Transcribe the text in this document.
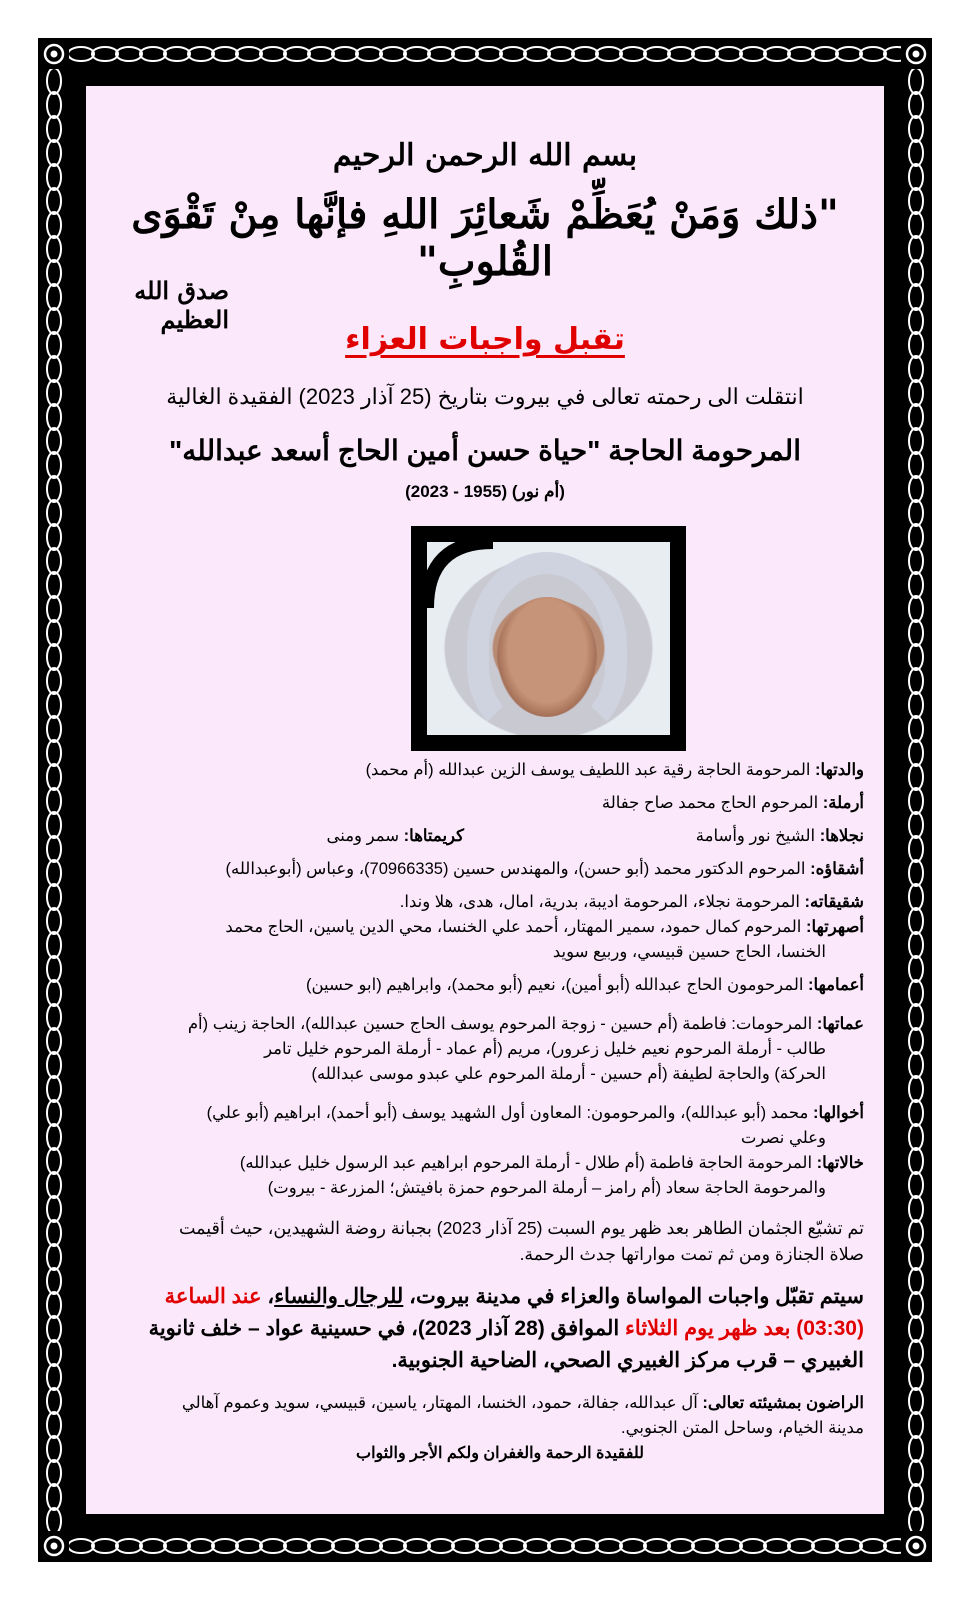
بسم الله الرحمن الرحيم
"ذلك وَمَنْ يُعَظِّمْ شَعائِرَ اللهِ فإنَّها مِنْ تَقْوَى القُلوبِ"
صدق الله العظيم
تقبل واجبات العزاء
انتقلت الى رحمته تعالى في بيروت بتاريخ (25 آذار 2023) الفقيدة الغالية
المرحومة الحاجة "حياة حسن أمين الحاج أسعد عبدالله"
(أم نور) (1955 - 2023)

والدتها: المرحومة الحاجة رقية عبد اللطيف يوسف الزين عبدالله (أم محمد)

أرملة: المرحوم الحاج محمد صاح جفالة

نجلاها: الشيخ نور وأسامة
كريمتاها: سمر ومنى

أشقاؤه: المرحوم الدكتور محمد (أبو حسن)، والمهندس حسين (70966335)، وعباس (أبوعبدالله)

شقيقاته: المرحومة نجلاء، المرحومة اديبة، بدرية، امال، هدى، هلا وندا.

أصهرتها: المرحوم كمال حمود، سمير المهتار، أحمد علي الخنسا، محي الدين ياسين، الحاج محمد

الخنسا، الحاج حسين قبيسي، وربيع سويد

أعمامها: المرحومون الحاج عبدالله (أبو أمين)، نعيم (أبو محمد)، وابراهيم (ابو حسين)

عماتها: المرحومات: فاطمة (أم حسين - زوجة المرحوم يوسف الحاج حسين عبدالله)، الحاجة زينب (أم

طالب - أرملة المرحوم نعيم خليل زعرور)، مريم (أم عماد - أرملة المرحوم خليل تامر

الحركة) والحاجة لطيفة (أم حسين - أرملة المرحوم علي عبدو موسى عبدالله)

أخوالها: محمد (أبو عبدالله)، والمرحومون: المعاون أول الشهيد يوسف (أبو أحمد)، ابراهيم (أبو علي)

وعلي نصرت

خالاتها: المرحومة الحاجة فاطمة (أم طلال - أرملة المرحوم ابراهيم عبد الرسول خليل عبدالله)

والمرحومة الحاجة سعاد (أم رامز – أرملة المرحوم حمزة بافيتش؛ المزرعة - بيروت)

تم تشيّع الجثمان الطاهر بعد ظهر يوم السبت (25 آذار 2023) بجبانة روضة الشهيدين، حيث أقيمت

صلاة الجنازة ومن ثم تمت مواراتها جدث الرحمة.

سيتم تقبّل واجبات المواساة والعزاء في مدينة بيروت، للرجال والنساء، عند الساعة (03:30) بعد ظهر يوم الثلاثاء الموافق (28 آذار 2023)، في حسينية عواد – خلف ثانوية الغبيري – قرب مركز الغبيري الصحي، الضاحية الجنوبية.

الراضون بمشيئته تعالى: آل عبدالله، جفالة، حمود، الخنسا، المهتار، ياسين، قبيسي، سويد وعموم آهالي

مدينة الخيام، وساحل المتن الجنوبي.

للفقيدة الرحمة والغفران ولكم الأجر والثواب
